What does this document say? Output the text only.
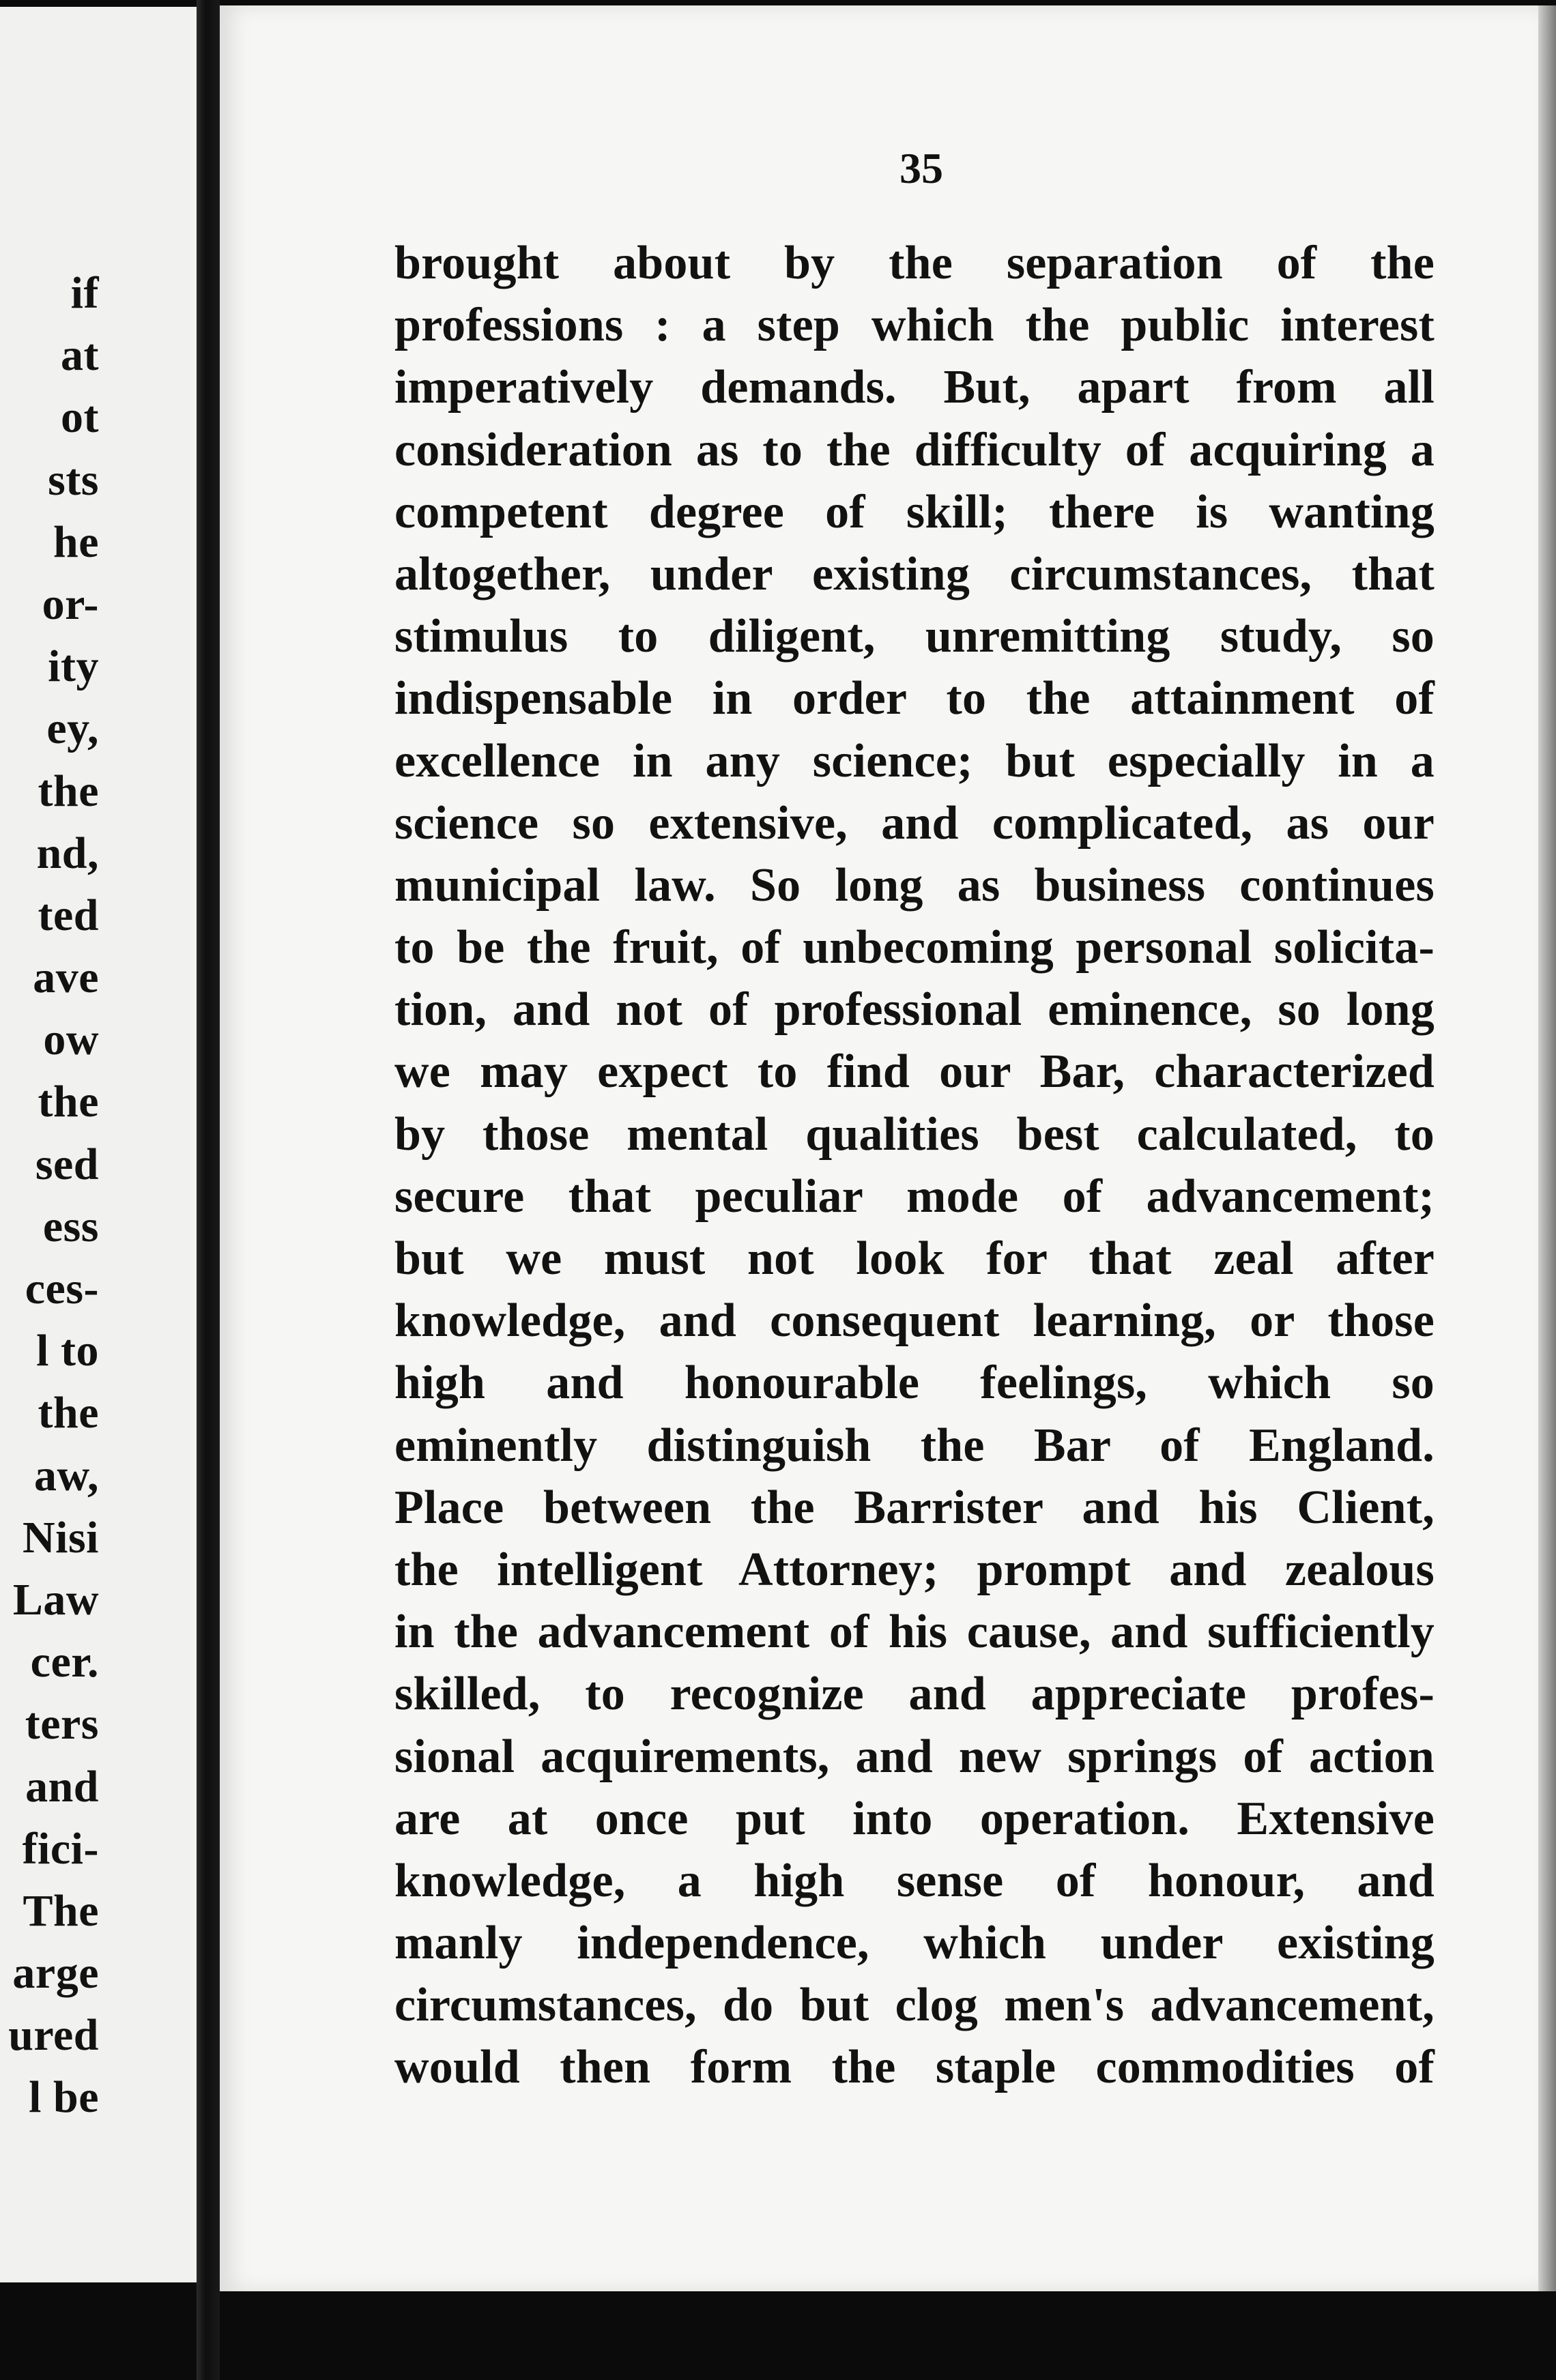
if
at
ot
sts
he
or-
ity
ey,
the
nd,
ted
ave
ow
the
sed
ess
ces-
l to
the
aw,
Nisi
Law
cer.
ters
and
fici-
The
arge
ured
l be
35
brought about by the separation of the
professions : a step which the public interest
imperatively demands. But, apart from all
consideration as to the difficulty of acquiring a
competent degree of skill; there is wanting
altogether, under existing circumstances, that
stimulus to diligent, unremitting study, so
indispensable in order to the attainment of
excellence in any science; but especially in a
science so extensive, and complicated, as our
municipal law. So long as business continues
to be the fruit, of unbecoming personal solicita-
tion, and not of professional eminence, so long
we may expect to find our Bar, characterized
by those mental qualities best calculated, to
secure that peculiar mode of advancement;
but we must not look for that zeal after
knowledge, and consequent learning, or those
high and honourable feelings, which so
eminently distinguish the Bar of England.
Place between the Barrister and his Client,
the intelligent Attorney; prompt and zealous
in the advancement of his cause, and sufficiently
skilled, to recognize and appreciate profes-
sional acquirements, and new springs of action
are at once put into operation. Extensive
knowledge, a high sense of honour, and
manly independence, which under existing
circumstances, do but clog men's advancement,
would then form the staple commodities of
